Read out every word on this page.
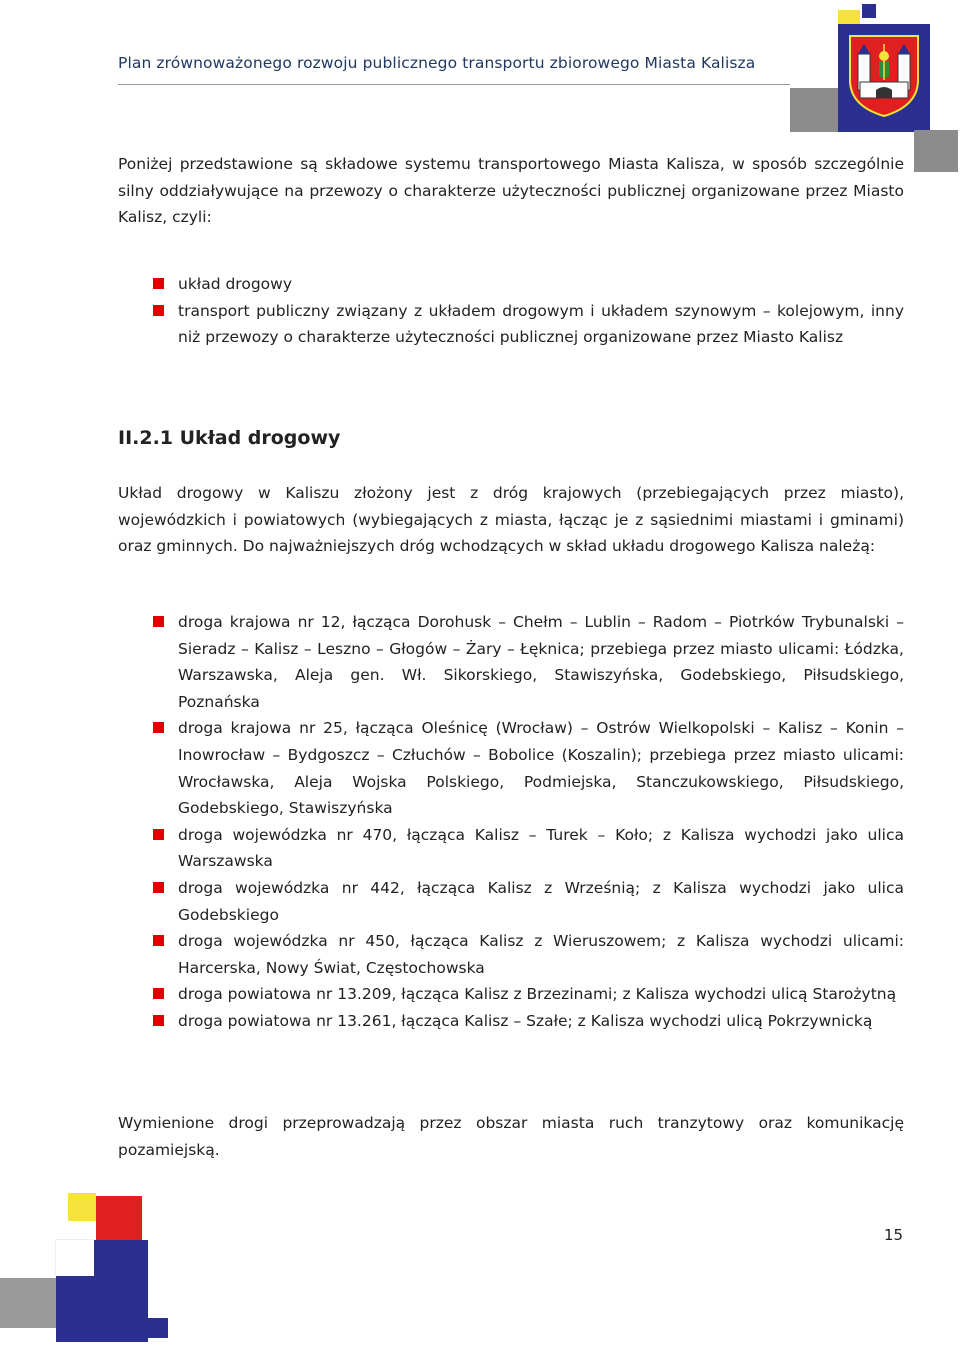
Plan zrównoważonego rozwoju publicznego transportu zbiorowego Miasta Kalisza
Poniżej przedstawione są składowe systemu transportowego Miasta Kalisza, w sposób szczególnie silny oddziaływujące na przewozy o charakterze użyteczności publicznej organizowane przez Miasto Kalisz, czyli:
układ drogowy
transport publiczny związany z układem drogowym i układem szynowym – kolejowym, inny niż przewozy o charakterze użyteczności publicznej organizowane przez Miasto Kalisz
II.2.1 Układ drogowy
Układ drogowy w Kaliszu złożony jest z dróg krajowych (przebiegających przez miasto), wojewódzkich i powiatowych (wybiegających z miasta, łącząc je z sąsiednimi miastami i gminami) oraz gminnych. Do najważniejszych dróg wchodzących w skład układu drogowego Kalisza należą:
droga krajowa nr 12, łącząca Dorohusk – Chełm – Lublin – Radom – Piotrków Trybunalski – Sieradz – Kalisz – Leszno – Głogów – Żary – Łęknica; przebiega przez miasto ulicami: Łódzka, Warszawska, Aleja gen. Wł. Sikorskiego, Stawiszyńska, Godebskiego, Piłsudskiego, Poznańska
droga krajowa nr 25, łącząca Oleśnicę (Wrocław) – Ostrów Wielkopolski – Kalisz – Konin – Inowrocław – Bydgoszcz – Człuchów – Bobolice (Koszalin); przebiega przez miasto ulicami: Wrocławska, Aleja Wojska Polskiego, Podmiejska, Stanczukowskiego, Piłsudskiego, Godebskiego, Stawiszyńska
droga wojewódzka nr 470, łącząca Kalisz – Turek – Koło; z Kalisza wychodzi jako ulica Warszawska
droga wojewódzka nr 442, łącząca Kalisz z Wrześnią; z Kalisza wychodzi jako ulica Godebskiego
droga wojewódzka nr 450, łącząca Kalisz z Wieruszowem; z Kalisza wychodzi ulicami: Harcerska, Nowy Świat, Częstochowska
droga powiatowa nr 13.209, łącząca Kalisz z Brzezinami; z Kalisza wychodzi ulicą Starożytną
droga powiatowa nr 13.261, łącząca Kalisz – Szałe; z Kalisza wychodzi ulicą Pokrzywnicką
Wymienione drogi przeprowadzają przez obszar miasta ruch tranzytowy oraz komunikację pozamiejską.
15
